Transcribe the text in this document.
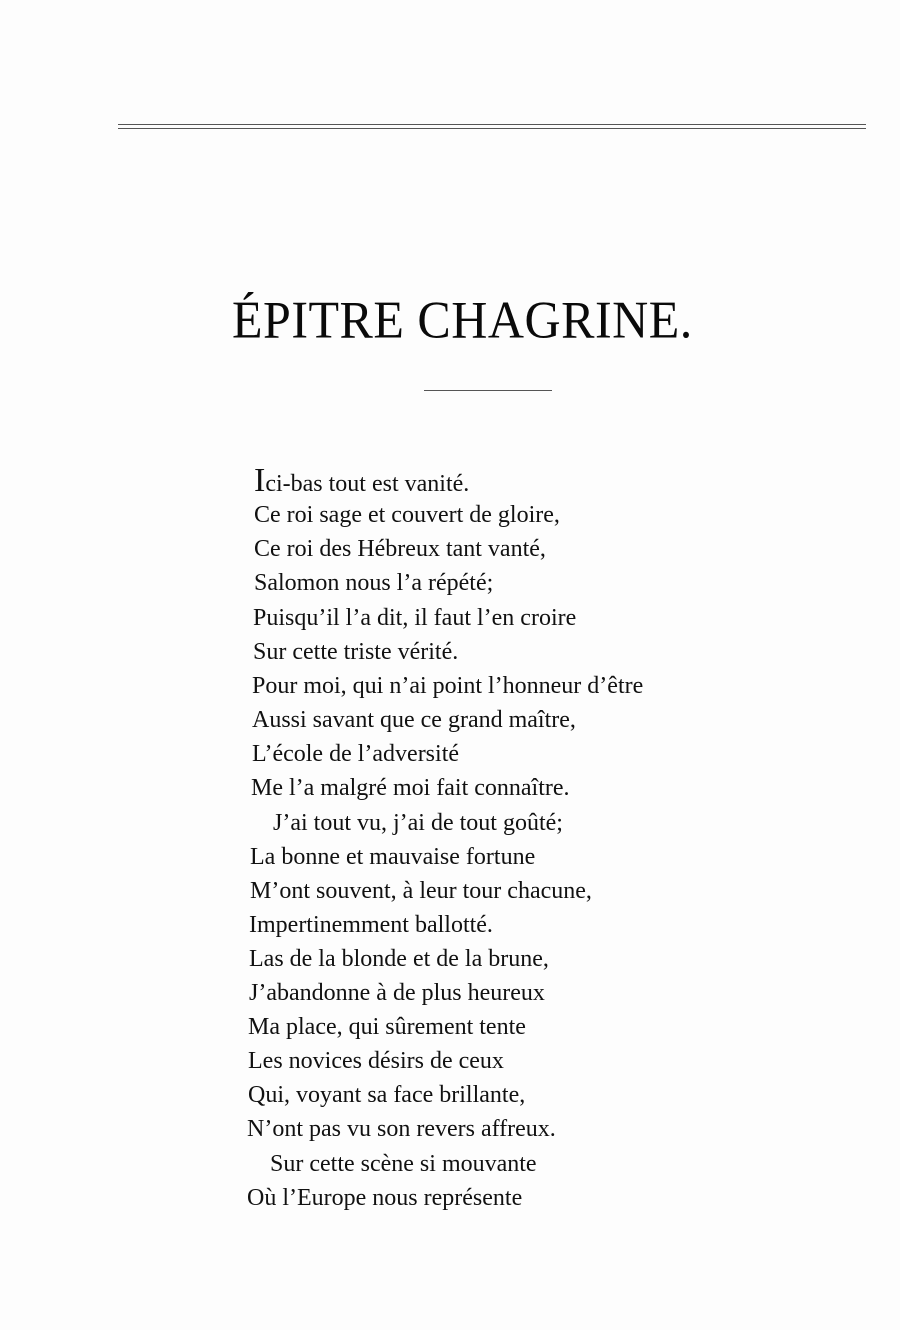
ÉPITRE CHAGRINE.
Ici-bas tout est vanité.
Ce roi sage et couvert de gloire,
Ce roi des Hébreux tant vanté,
Salomon nous l’a répété;
Puisqu’il l’a dit, il faut l’en croire
Sur cette triste vérité.
Pour moi, qui n’ai point l’honneur d’être
Aussi savant que ce grand maître,
L’école de l’adversité
Me l’a malgré moi fait connaître.
J’ai tout vu, j’ai de tout goûté;
La bonne et mauvaise fortune
M’ont souvent, à leur tour chacune,
Impertinemment ballotté.
Las de la blonde et de la brune,
J’abandonne à de plus heureux
Ma place, qui sûrement tente
Les novices désirs de ceux
Qui, voyant sa face brillante,
N’ont pas vu son revers affreux.
Sur cette scène si mouvante
Où l’Europe nous représente
